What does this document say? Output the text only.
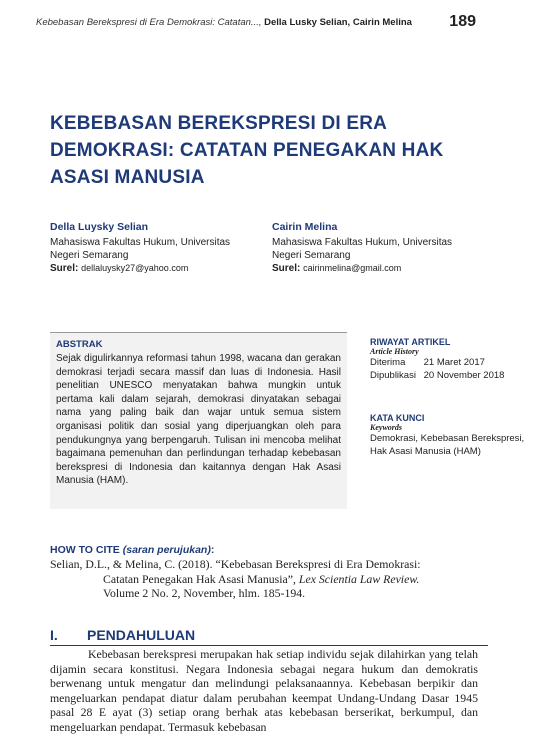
Kebebasan Berekspresi di Era Demokrasi: Catatan..., Della Lusky Selian, Cairin Melina 189
KEBEBASAN BEREKSPRESI DI ERA DEMOKRASI: CATATAN PENEGAKAN HAK ASASI MANUSIA
Della Luysky Selian
Mahasiswa Fakultas Hukum, Universitas
Negeri Semarang
Surel: dellaluysky27@yahoo.com
Cairin Melina
Mahasiswa Fakultas Hukum, Universitas
Negeri Semarang
Surel: cairinmelina@gmail.com
ABSTRAK
Sejak digulirkannya reformasi tahun 1998, wacana dan gerakan demokrasi terjadi secara massif dan luas di Indonesia. Hasil penelitian UNESCO menyatakan bahwa mungkin untuk pertama kali dalam sejarah, demokrasi dinyatakan sebagai nama yang paling baik dan wajar untuk semua sistem organisasi politik dan sosial yang diperjuangkan oleh para pendukungnya yang berpengaruh. Tulisan ini mencoba melihat bagaimana pemenuhan dan perlindungan terhadap kebebasan berekspresi di Indonesia dan kaitannya dengan Hak Asasi Manusia (HAM).
RIWAYAT ARTIKEL
Article History
Diterima 21 Maret 2017
Dipublikasi 20 November 2018
KATA KUNCI
Keywords
Demokrasi, Kebebasan Berekspresi,
Hak Asasi Manusia (HAM)
HOW TO CITE (saran perujukan):
Selian, D.L., & Melina, C. (2018). “Kebebasan Berekspresi di Era Demokrasi:
Catatan Penegakan Hak Asasi Manusia”, Lex Scientia Law Review.
Volume 2 No. 2, November, hlm. 185-194.
I. PENDAHULUAN
Kebebasan berekspresi merupakan hak setiap individu sejak dilahirkan yang telah dijamin secara konstitusi. Negara Indonesia sebagai negara hukum dan demokratis berwenang untuk mengatur dan melindungi pelaksanaannya. Kebebasan berpikir dan mengeluarkan pendapat diatur dalam perubahan keempat Undang-Undang Dasar 1945 pasal 28 E ayat (3) setiap orang berhak atas kebebasan berserikat, berkumpul, dan mengeluarkan pendapat. Termasuk kebebasan
